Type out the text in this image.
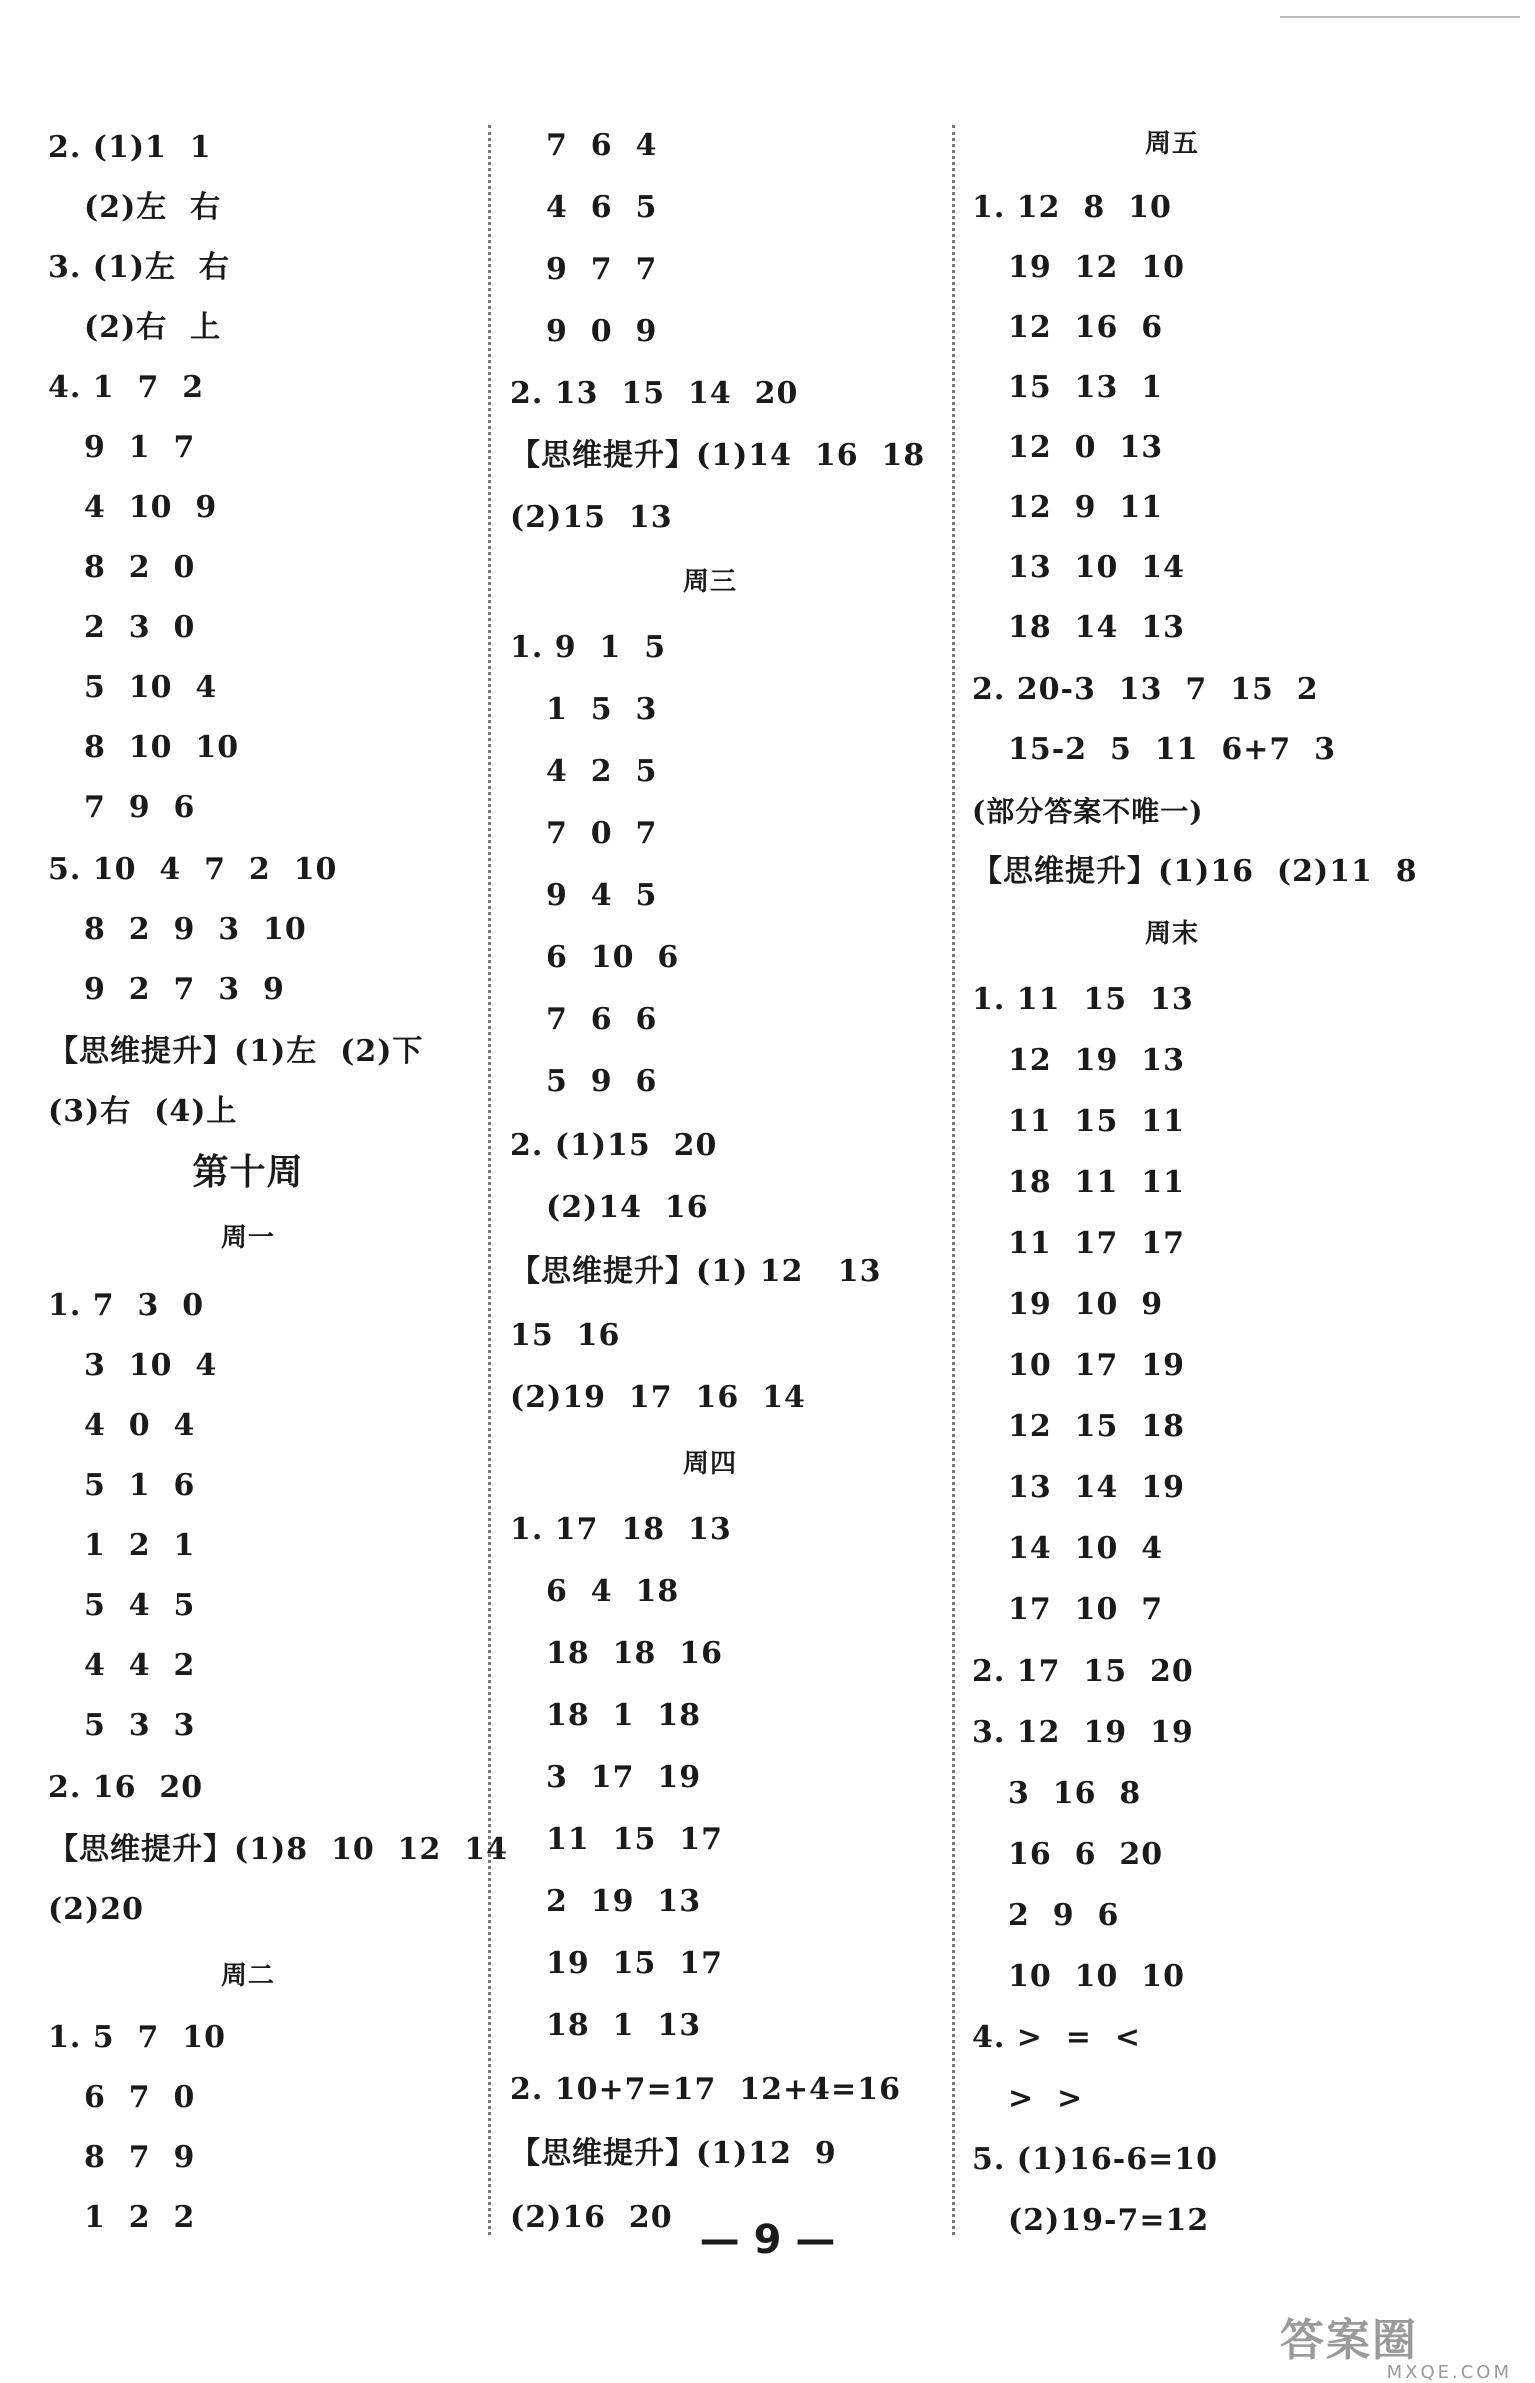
2. (1)1  1
(2)左  右
3. (1)左  右
(2)右  上
4. 1  7  2
9  1  7
4  10  9
8  2  0
2  3  0
5  10  4
8  10  10
7  9  6
5. 10  4  7  2  10
8  2  9  3  10
9  2  7  3  9
【思维提升】(1)左  (2)下
(3)右  (4)上
第十周
周一
1. 7  3  0
3  10  4
4  0  4
5  1  6
1  2  1
5  4  5
4  4  2
5  3  3
2. 16  20
【思维提升】(1)8  10  12  14
(2)20
周二
1. 5  7  10
6  7  0
8  7  9
1  2  2
7  6  4
4  6  5
9  7  7
9  0  9
2. 13  15  14  20
【思维提升】(1)14  16  18
(2)15  13
周三
1. 9  1  5
1  5  3
4  2  5
7  0  7
9  4  5
6  10  6
7  6  6
5  9  6
2. (1)15  20
(2)14  16
【思维提升】(1) 12   13
15  16
(2)19  17  16  14
周四
1. 17  18  13
6  4  18
18  18  16
18  1  18
3  17  19
11  15  17
2  19  13
19  15  17
18  1  13
2. 10+7=17  12+4=16
【思维提升】(1)12  9
(2)16  20
周五
1. 12  8  10
19  12  10
12  16  6
15  13  1
12  0  13
12  9  11
13  10  14
18  14  13
2. 20-3  13  7  15  2
15-2  5  11  6+7  3
(部分答案不唯一)
【思维提升】(1)16  (2)11  8
周末
1. 11  15  13
12  19  13
11  15  11
18  11  11
11  17  17
19  10  9
10  17  19
12  15  18
13  14  19
14  10  4
17  10  7
2. 17  15  20
3. 12  19  19
3  16  8
16  6  20
2  9  6
10  10  10
4. >  =  <
>  >
5. (1)16-6=10
(2)19-7=12
— 9 —
答案圈
MXQE.COM
